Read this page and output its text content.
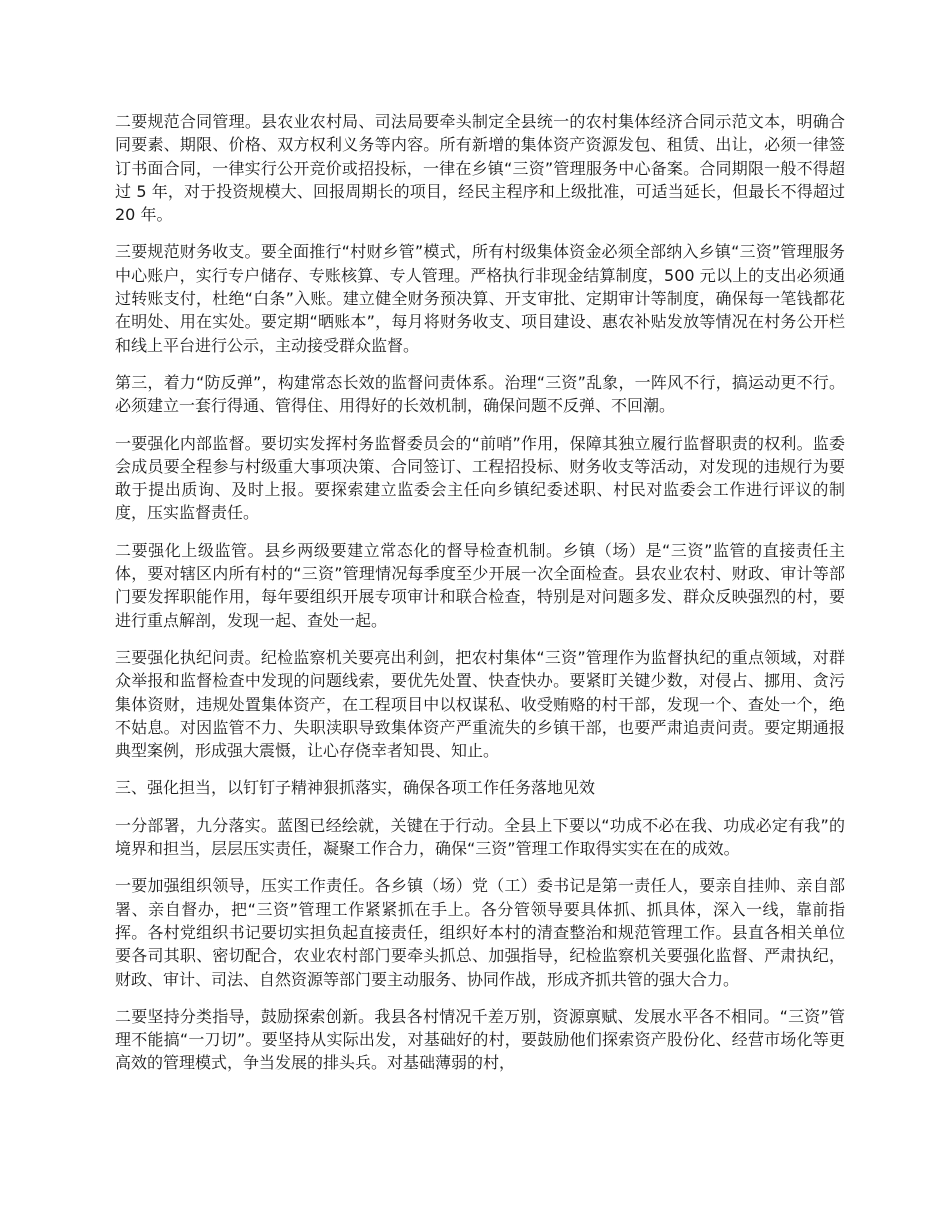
二要规范合同管理。县农业农村局、司法局要牵头制定全县统一的农村集体经济合同示范文本，明确合同要素、期限、价格、双方权利义务等内容。所有新增的集体资产资源发包、租赁、出让，必须一律签订书面合同，一律实行公开竞价或招投标，一律在乡镇“三资”管理服务中心备案。合同期限一般不得超过 5 年，对于投资规模大、回报周期长的项目，经民主程序和上级批准，可适当延长，但最长不得超过 20 年。

三要规范财务收支。要全面推行“村财乡管”模式，所有村级集体资金必须全部纳入乡镇“三资”管理服务中心账户，实行专户储存、专账核算、专人管理。严格执行非现金结算制度，500 元以上的支出必须通过转账支付，杜绝“白条”入账。建立健全财务预决算、开支审批、定期审计等制度，确保每一笔钱都花在明处、用在实处。要定期“晒账本”，每月将财务收支、项目建设、惠农补贴发放等情况在村务公开栏和线上平台进行公示，主动接受群众监督。

第三，着力“防反弹”，构建常态长效的监督问责体系。治理“三资”乱象，一阵风不行，搞运动更不行。必须建立一套行得通、管得住、用得好的长效机制，确保问题不反弹、不回潮。

一要强化内部监督。要切实发挥村务监督委员会的“前哨”作用，保障其独立履行监督职责的权利。监委会成员要全程参与村级重大事项决策、合同签订、工程招投标、财务收支等活动，对发现的违规行为要敢于提出质询、及时上报。要探索建立监委会主任向乡镇纪委述职、村民对监委会工作进行评议的制度，压实监督责任。

二要强化上级监管。县乡两级要建立常态化的督导检查机制。乡镇（场）是“三资”监管的直接责任主体，要对辖区内所有村的“三资”管理情况每季度至少开展一次全面检查。县农业农村、财政、审计等部门要发挥职能作用，每年要组织开展专项审计和联合检查，特别是对问题多发、群众反映强烈的村，要进行重点解剖，发现一起、查处一起。

三要强化执纪问责。纪检监察机关要亮出利剑，把农村集体“三资”管理作为监督执纪的重点领域，对群众举报和监督检查中发现的问题线索，要优先处置、快查快办。要紧盯关键少数，对侵占、挪用、贪污集体资财，违规处置集体资产，在工程项目中以权谋私、收受贿赂的村干部，发现一个、查处一个，绝不姑息。对因监管不力、失职渎职导致集体资产严重流失的乡镇干部，也要严肃追责问责。要定期通报典型案例，形成强大震慑，让心存侥幸者知畏、知止。

三、强化担当，以钉钉子精神狠抓落实，确保各项工作任务落地见效

一分部署，九分落实。蓝图已经绘就，关键在于行动。全县上下要以“功成不必在我、功成必定有我”的境界和担当，层层压实责任，凝聚工作合力，确保“三资”管理工作取得实实在在的成效。

一要加强组织领导，压实工作责任。各乡镇（场）党（工）委书记是第一责任人，要亲自挂帅、亲自部署、亲自督办，把“三资”管理工作紧紧抓在手上。各分管领导要具体抓、抓具体，深入一线，靠前指挥。各村党组织书记要切实担负起直接责任，组织好本村的清查整治和规范管理工作。县直各相关单位要各司其职、密切配合，农业农村部门要牵头抓总、加强指导，纪检监察机关要强化监督、严肃执纪，财政、审计、司法、自然资源等部门要主动服务、协同作战，形成齐抓共管的强大合力。

二要坚持分类指导，鼓励探索创新。我县各村情况千差万别，资源禀赋、发展水平各不相同。“三资”管理不能搞“一刀切”。要坚持从实际出发，对基础好的村，要鼓励他们探索资产股份化、经营市场化等更高效的管理模式，争当发展的排头兵。对基础薄弱的村，
